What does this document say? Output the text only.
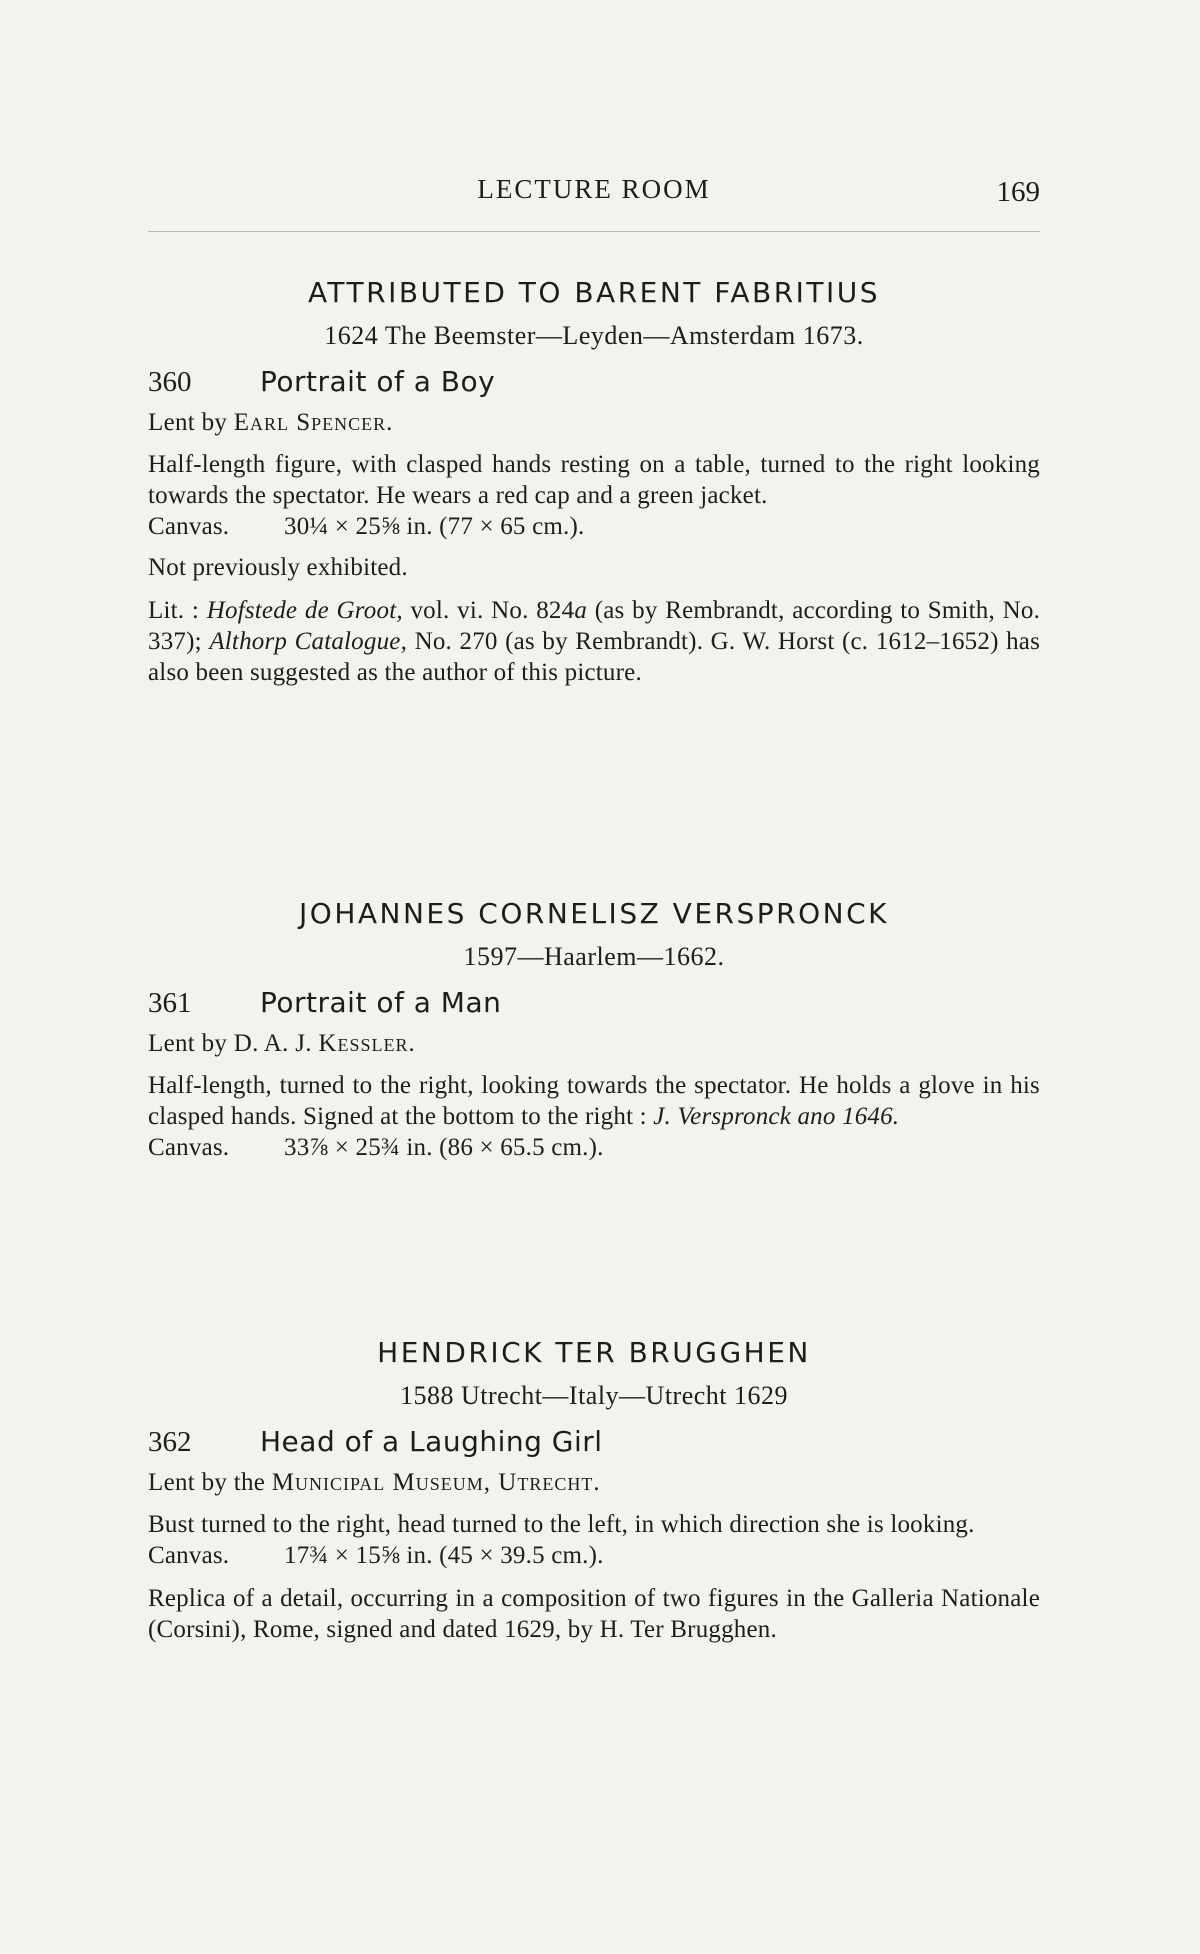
LECTURE ROOM	169
ATTRIBUTED TO BARENT FABRITIUS
1624 The Beemster—Leyden—Amsterdam 1673.
360	Portrait of a Boy
Lent by Earl Spencer.
Half-length figure, with clasped hands resting on a table, turned to the right looking towards the spectator. He wears a red cap and a green jacket.
Canvas. 30¼ × 25⅝ in. (77 × 65 cm.).
Not previously exhibited.
Lit. : Hofstede de Groot, vol. vi. No. 824a (as by Rembrandt, according to Smith, No. 337); Althorp Catalogue, No. 270 (as by Rembrandt). G. W. Horst (c. 1612–1652) has also been suggested as the author of this picture.
JOHANNES CORNELISZ VERSPRONCK
1597—Haarlem—1662.
361	Portrait of a Man
Lent by D. A. J. Kessler.
Half-length, turned to the right, looking towards the spectator. He holds a glove in his clasped hands. Signed at the bottom to the right : J. Verspronck ano 1646.
Canvas. 33⅞ × 25¾ in. (86 × 65.5 cm.).
HENDRICK TER BRUGGHEN
1588 Utrecht—Italy—Utrecht 1629
362	Head of a Laughing Girl
Lent by the Municipal Museum, Utrecht.
Bust turned to the right, head turned to the left, in which direction she is looking.
Canvas. 17¾ × 15⅝ in. (45 × 39.5 cm.).
Replica of a detail, occurring in a composition of two figures in the Galleria Nationale (Corsini), Rome, signed and dated 1629, by H. Ter Brugghen.
